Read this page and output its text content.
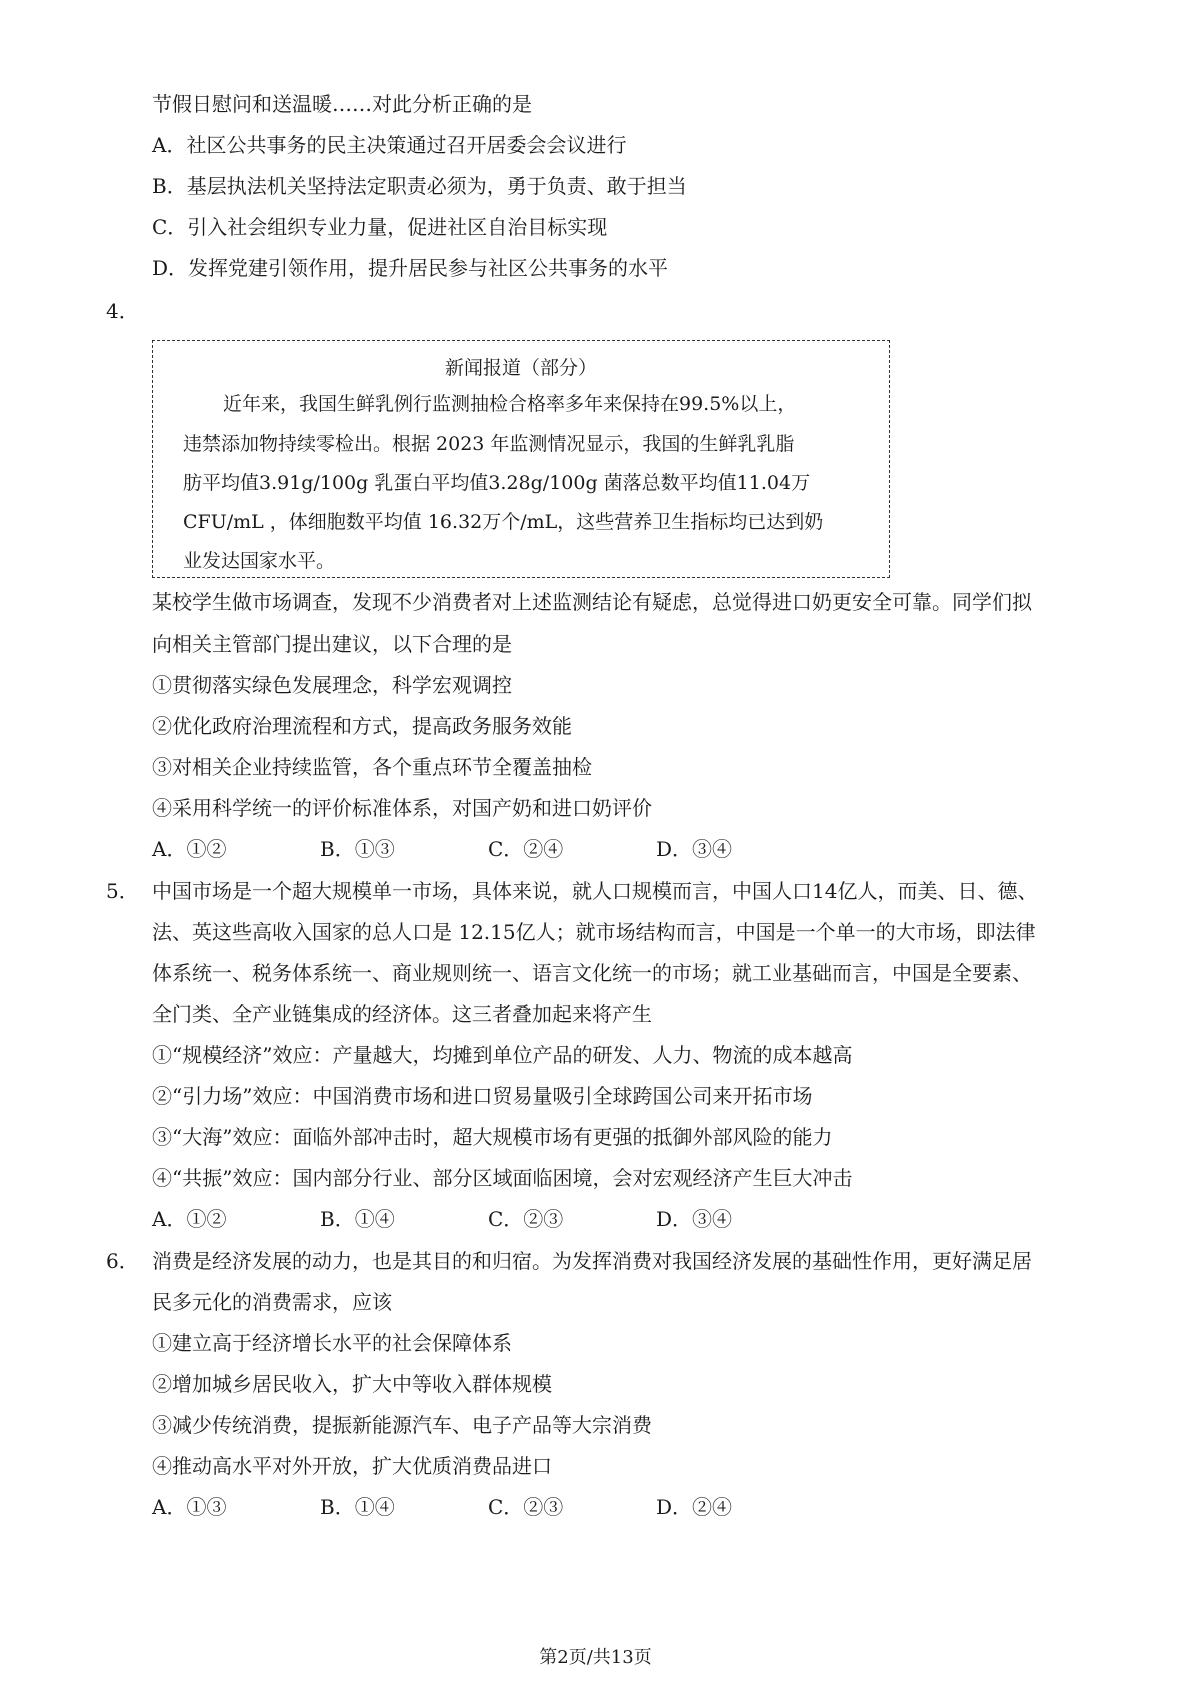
节假日慰问和送温暖……对此分析正确的是
A．社区公共事务的民主决策通过召开居委会会议进行
B．基层执法机关坚持法定职责必须为，勇于负责、敢于担当
C．引入社会组织专业力量，促进社区自治目标实现
D．发挥党建引领作用，提升居民参与社区公共事务的水平
4．
新闻报道（部分）
近年来，我国生鲜乳例行监测抽检合格率多年来保持在99.5%以上，
违禁添加物持续零检出。根据 2023 年监测情况显示，我国的生鲜乳乳脂
肪平均值3.91g/100g 乳蛋白平均值3.28g/100g 菌落总数平均值11.04万
CFU/mL ，体细胞数平均值 16.32万个/mL，这些营养卫生指标均已达到奶
业发达国家水平。
某校学生做市场调查，发现不少消费者对上述监测结论有疑虑，总觉得进口奶更安全可靠。同学们拟
向相关主管部门提出建议，以下合理的是
①贯彻落实绿色发展理念，科学宏观调控
②优化政府治理流程和方式，提高政务服务效能
③对相关企业持续监管，各个重点环节全覆盖抽检
④采用科学统一的评价标准体系，对国产奶和进口奶评价
A．①②	B．①③	C．②④	D．③④
5． 中国市场是一个超大规模单一市场，具体来说，就人口规模而言，中国人口14亿人，而美、日、德、
法、英这些高收入国家的总人口是 12.15亿人；就市场结构而言，中国是一个单一的大市场，即法律
体系统一、税务体系统一、商业规则统一、语言文化统一的市场；就工业基础而言，中国是全要素、
全门类、全产业链集成的经济体。这三者叠加起来将产生
①“规模经济”效应：产量越大，均摊到单位产品的研发、人力、物流的成本越高
②“引力场”效应：中国消费市场和进口贸易量吸引全球跨国公司来开拓市场
③“大海”效应：面临外部冲击时，超大规模市场有更强的抵御外部风险的能力
④“共振”效应：国内部分行业、部分区域面临困境，会对宏观经济产生巨大冲击
A．①②	B．①④	C．②③	D．③④
6． 消费是经济发展的动力，也是其目的和归宿。为发挥消费对我国经济发展的基础性作用，更好满足居
民多元化的消费需求，应该
①建立高于经济增长水平的社会保障体系
②增加城乡居民收入，扩大中等收入群体规模
③减少传统消费，提振新能源汽车、电子产品等大宗消费
④推动高水平对外开放，扩大优质消费品进口
A．①③	B．①④	C．②③	D．②④
第2页/共13页
